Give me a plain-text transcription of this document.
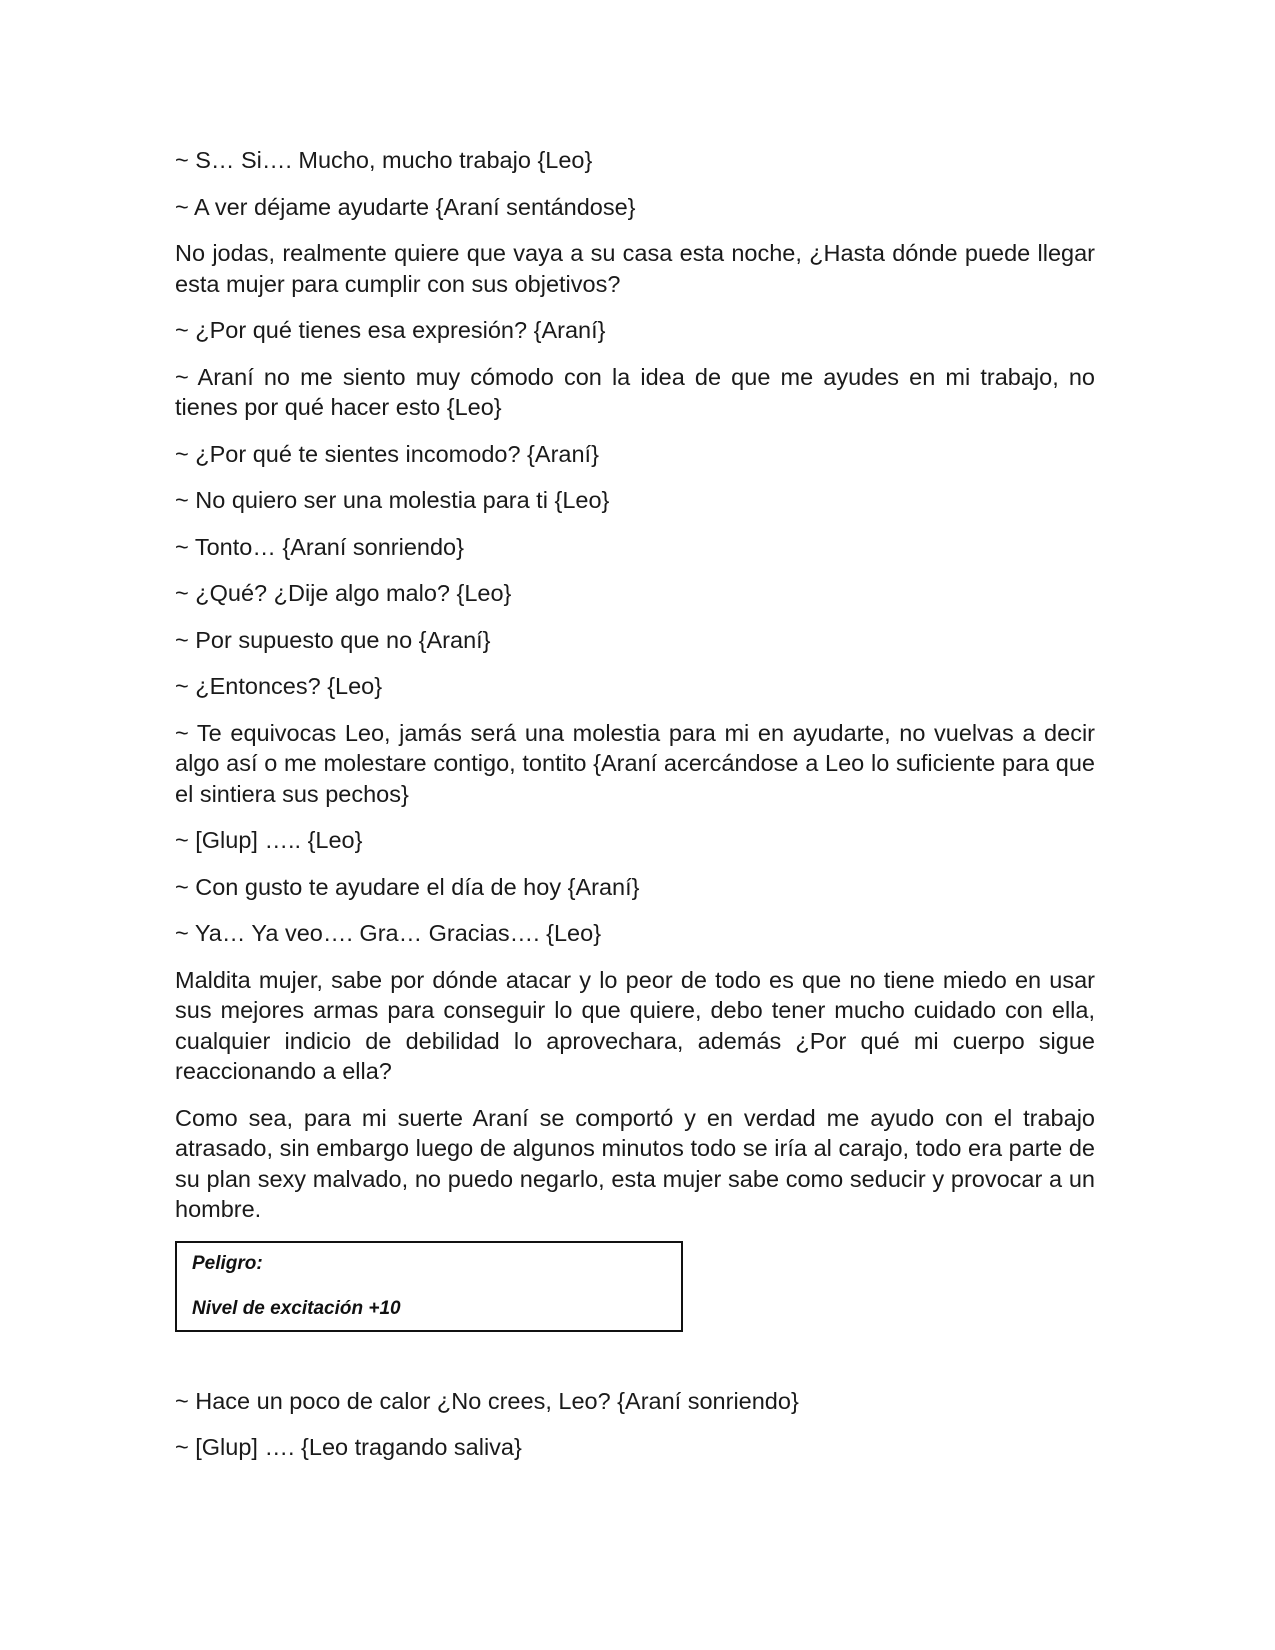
~ S… Si…. Mucho, mucho trabajo {Leo}

~ A ver déjame ayudarte {Araní sentándose}

No jodas, realmente quiere que vaya a su casa esta noche, ¿Hasta dónde puede llegar esta mujer para cumplir con sus objetivos?

~ ¿Por qué tienes esa expresión? {Araní}

~ Araní no me siento muy cómodo con la idea de que me ayudes en mi trabajo, no tienes por qué hacer esto {Leo}

~ ¿Por qué te sientes incomodo? {Araní}

~ No quiero ser una molestia para ti {Leo}

~ Tonto… {Araní sonriendo}

~ ¿Qué? ¿Dije algo malo? {Leo}

~ Por supuesto que no {Araní}

~ ¿Entonces? {Leo}

~ Te equivocas Leo, jamás será una molestia para mi en ayudarte, no vuelvas a decir algo así o me molestare contigo, tontito {Araní acercándose a Leo lo suficiente para que el sintiera sus pechos}

~ [Glup] ….. {Leo}

~ Con gusto te ayudare el día de hoy {Araní}

~ Ya… Ya veo…. Gra… Gracias…. {Leo}

Maldita mujer, sabe por dónde atacar y lo peor de todo es que no tiene miedo en usar sus mejores armas para conseguir lo que quiere, debo tener mucho cuidado con ella, cualquier indicio de debilidad lo aprovechara, además ¿Por qué mi cuerpo sigue reaccionando a ella?

Como sea, para mi suerte Araní se comportó y en verdad me ayudo con el trabajo atrasado, sin embargo luego de algunos minutos todo se iría al carajo, todo era parte de su plan sexy malvado, no puedo negarlo, esta mujer sabe como seducir y provocar a un hombre.

Peligro:

Nivel de excitación +10

~ Hace un poco de calor ¿No crees, Leo? {Araní sonriendo}

~ [Glup] …. {Leo tragando saliva}
